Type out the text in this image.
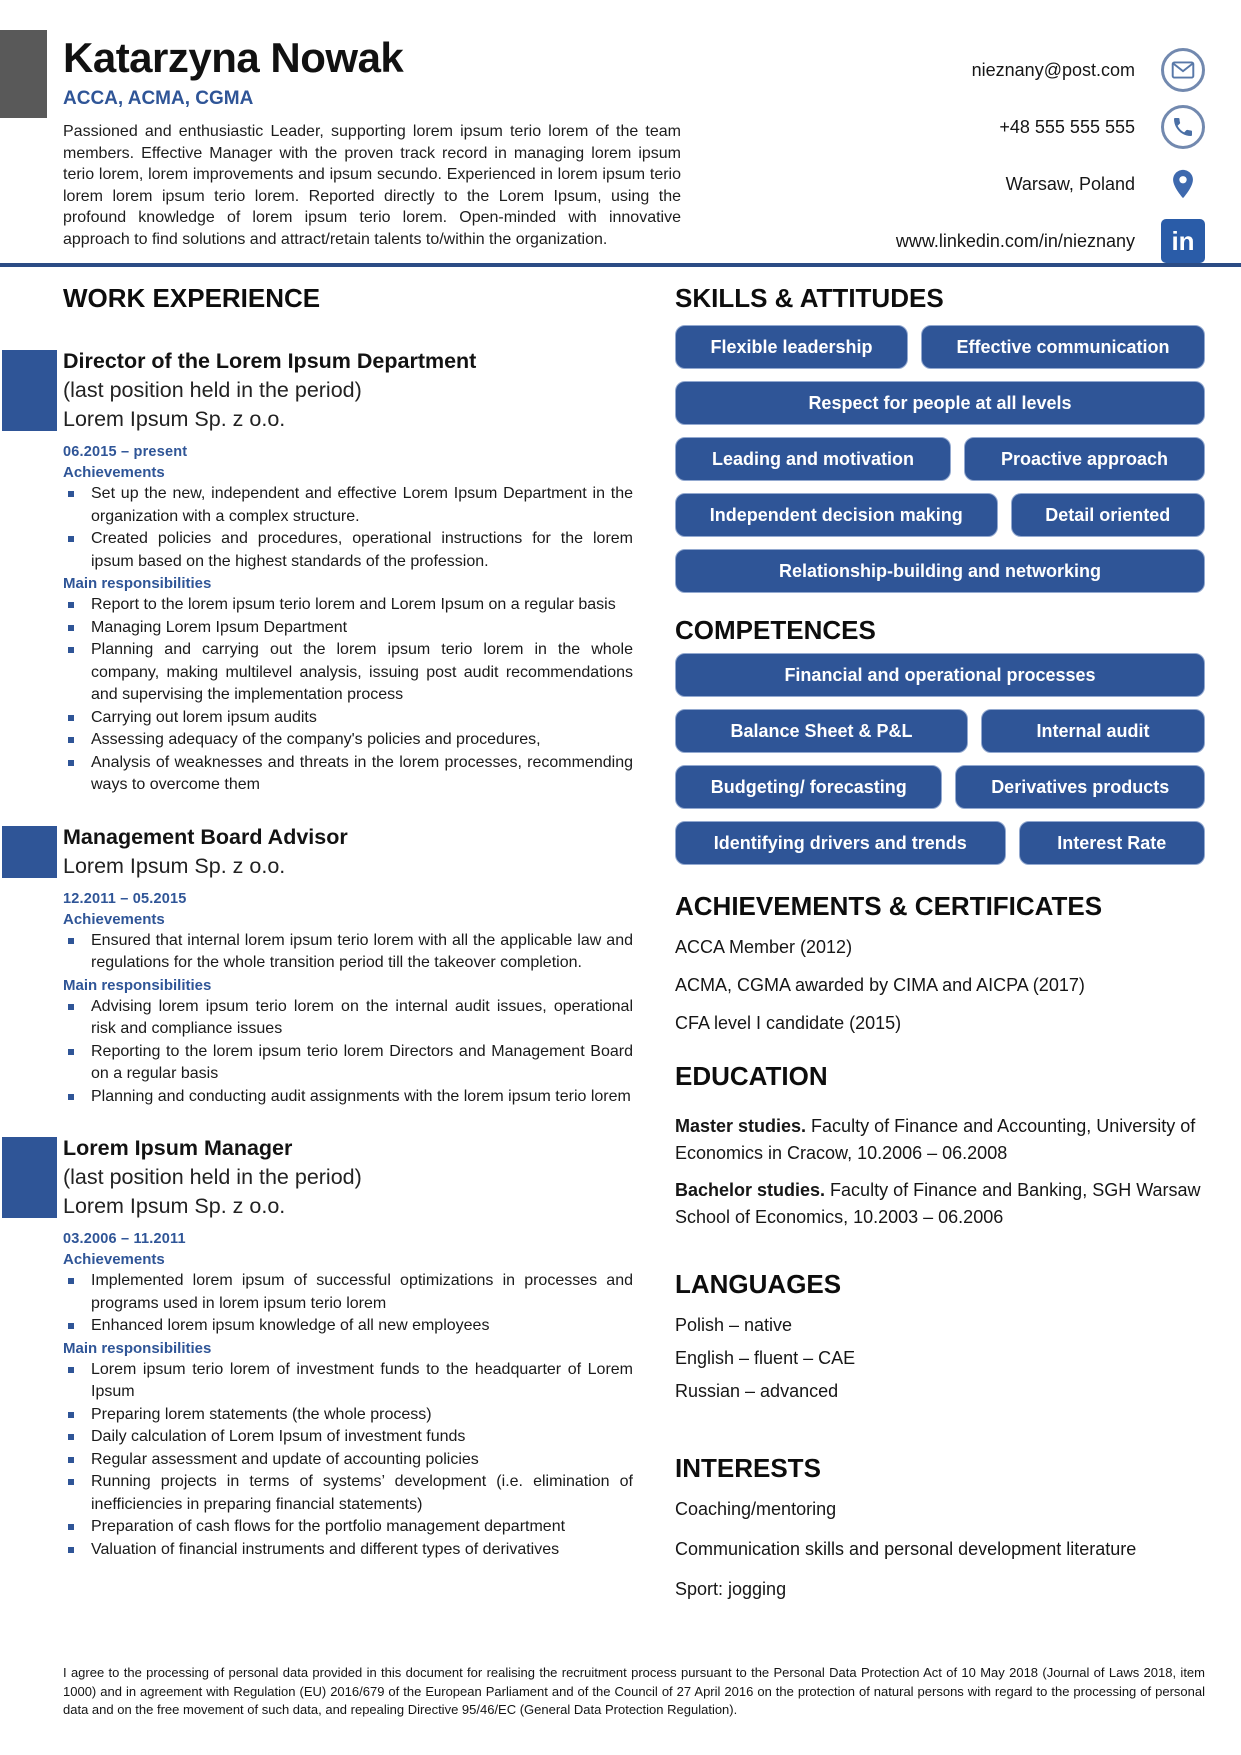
Katarzyna Nowak
ACCA, ACMA, CGMA

Passioned and enthusiastic Leader, supporting lorem ipsum terio lorem of the team members. Effective Manager with the proven track record in managing lorem ipsum terio lorem, lorem improvements and ipsum secundo. Experienced in lorem ipsum terio lorem lorem ipsum terio lorem. Reported directly to the Lorem Ipsum, using the profound knowledge of lorem ipsum terio lorem. Open-minded with innovative approach to find solutions and attract/retain talents to/within the organization.

nieznany@post.com
+48 555 555 555
Warsaw, Poland
www.linkedin.com/in/nieznany	in
WORK EXPERIENCE
Director of the Lorem Ipsum Department
(last position held in the period)
Lorem Ipsum Sp. z o.o.
06.2015 – present
Achievements
Set up the new, independent and effective Lorem Ipsum Department in the organization with a complex structure.
Created policies and procedures, operational instructions for the lorem ipsum based on the highest standards of the profession.
Main responsibilities
Report to the lorem ipsum terio lorem and Lorem Ipsum on a regular basis
Managing Lorem Ipsum Department
Planning and carrying out the lorem ipsum terio lorem in the whole company, making multilevel analysis, issuing post audit recommendations and supervising the implementation process
Carrying out lorem ipsum audits
Assessing adequacy of the company's policies and procedures,
Analysis of weaknesses and threats in the lorem processes, recommending ways to overcome them
Management Board Advisor
Lorem Ipsum Sp. z o.o.
12.2011 – 05.2015
Achievements
Ensured that internal lorem ipsum terio lorem with all the applicable law and regulations for the whole transition period till the takeover completion.
Main responsibilities
Advising lorem ipsum terio lorem on the internal audit issues, operational risk and compliance issues
Reporting to the lorem ipsum terio lorem Directors and Management Board on a regular basis
Planning and conducting audit assignments with the lorem ipsum terio lorem
Lorem Ipsum Manager
(last position held in the period)
Lorem Ipsum Sp. z o.o.
03.2006 – 11.2011
Achievements
Implemented lorem ipsum of successful optimizations in processes and programs used in lorem ipsum terio lorem
Enhanced lorem ipsum knowledge of all new employees
Main responsibilities
Lorem ipsum terio lorem of investment funds to the headquarter of Lorem Ipsum
Preparing lorem statements (the whole process)
Daily calculation of Lorem Ipsum of investment funds
Regular assessment and update of accounting policies
Running projects in terms of systems’ development (i.e. elimination of inefficiencies in preparing financial statements)
Preparation of cash flows for the portfolio management department
Valuation of financial instruments and different types of derivatives
SKILLS & ATTITUDES
Flexible leadership	Effective communication
Respect for people at all levels
Leading and motivation	Proactive approach
Independent decision making	Detail oriented
Relationship-building and networking
COMPETENCES
Financial and operational processes
Balance Sheet & P&L	Internal audit
Budgeting/ forecasting	Derivatives products
Identifying drivers and trends	Interest Rate
ACHIEVEMENTS & CERTIFICATES

ACCA Member (2012)

ACMA, CGMA awarded by CIMA and AICPA (2017)

CFA level I candidate (2015)

EDUCATION

Master studies. Faculty of Finance and Accounting, University of Economics in Cracow, 10.2006 – 06.2008

Bachelor studies. Faculty of Finance and Banking, SGH Warsaw School of Economics, 10.2003 – 06.2006

LANGUAGES

Polish – native

English – fluent – CAE

Russian – advanced

INTERESTS

Coaching/mentoring

Communication skills and personal development literature

Sport: jogging

I agree to the processing of personal data provided in this document for realising the recruitment process pursuant to the Personal Data Protection Act of 10 May 2018 (Journal of Laws 2018, item 1000) and in agreement with Regulation (EU) 2016/679 of the European Parliament and of the Council of 27 April 2016 on the protection of natural persons with regard to the processing of personal data and on the free movement of such data, and repealing Directive 95/46/EC (General Data Protection Regulation).
